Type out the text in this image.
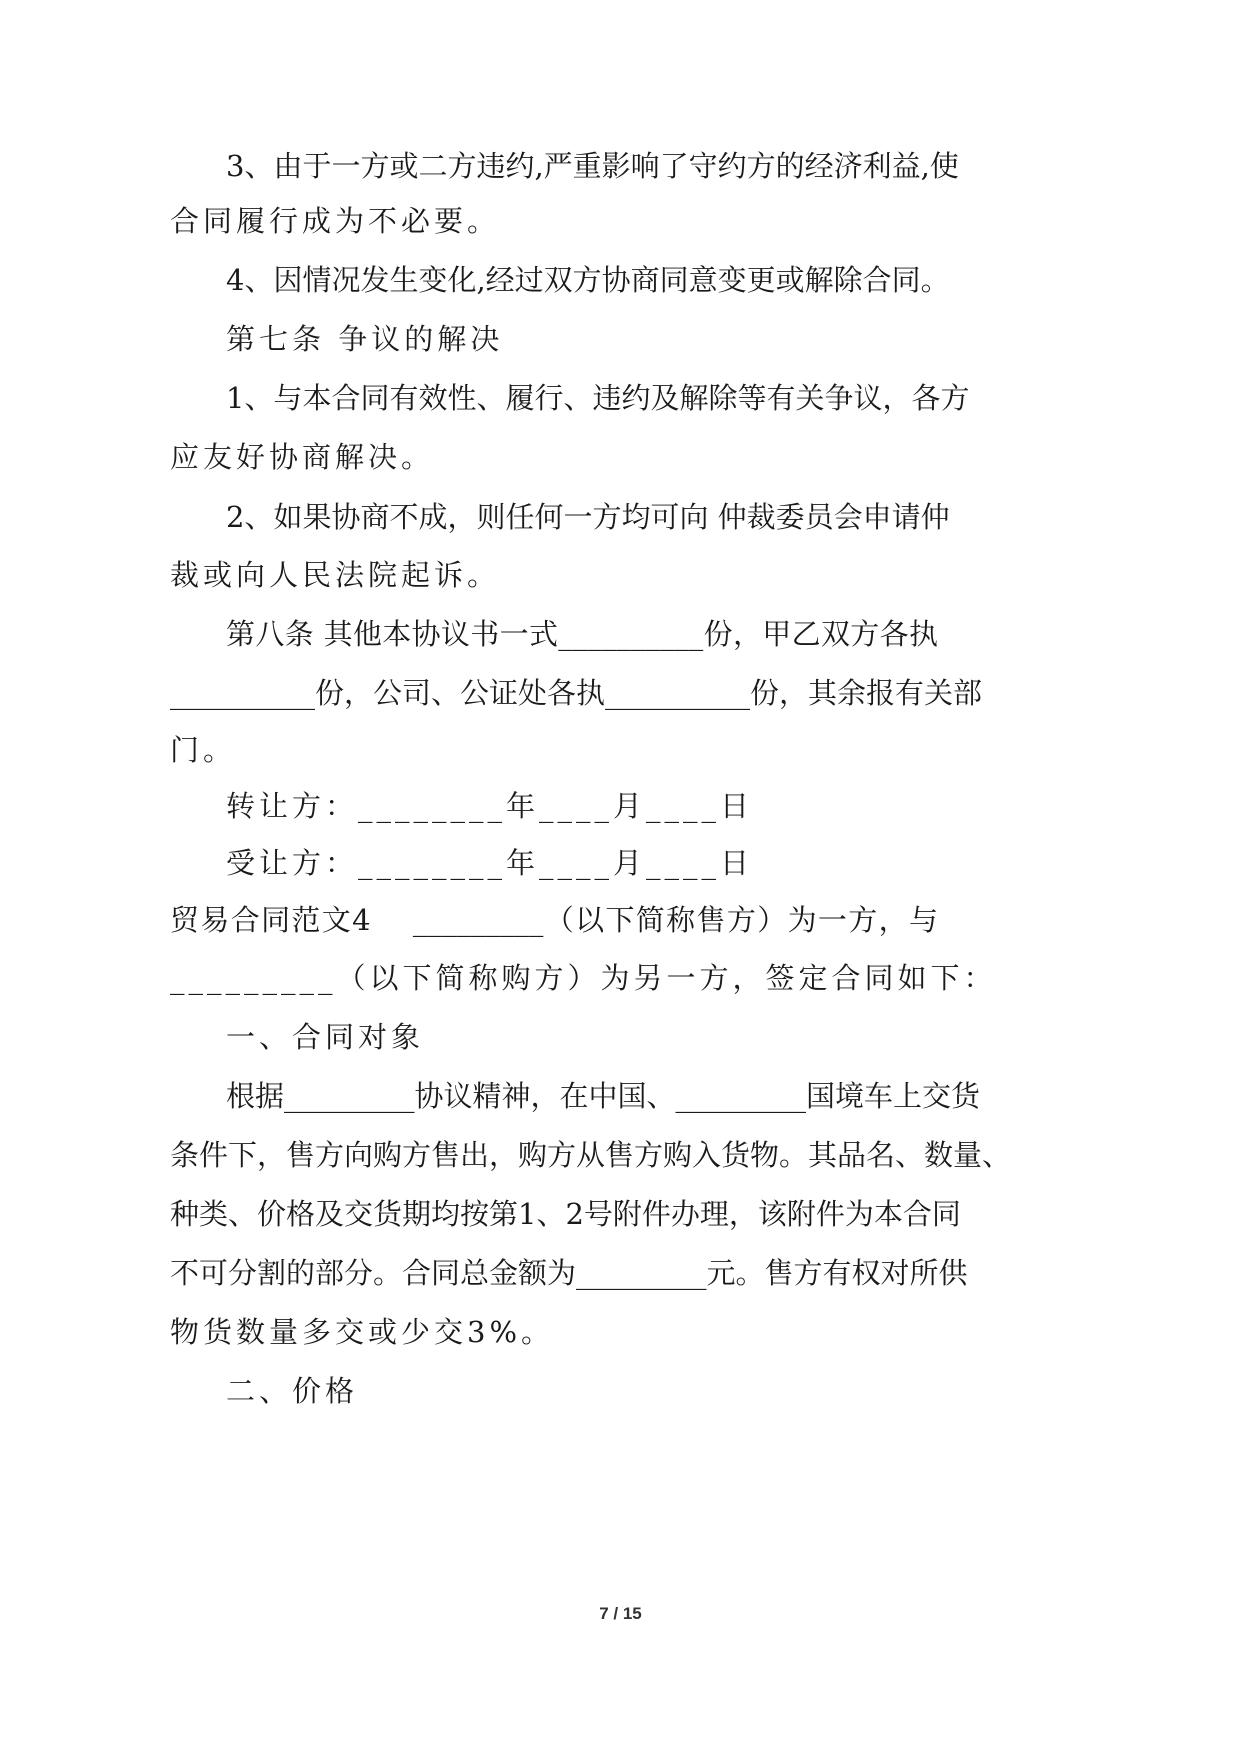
3、由于一方或二方违约,严重影响了守约方的经济利益,使
合同履行成为不必要。
4、因情况发生变化,经过双方协商同意变更或解除合同。
第七条 争议的解决
1、与本合同有效性、履行、违约及解除等有关争议，各方
应友好协商解决。
2、如果协商不成，则任何一方均可向 仲裁委员会申请仲
裁或向人民法院起诉。
第八条 其他本协议书一式__________份，甲乙双方各执
__________份，公司、公证处各执__________份，其余报有关部
门。
转让方：________年____月____日
受让方：________年____月____日
贸易合同范文4    _________（以下简称售方）为一方，与
_________（以下简称购方）为另一方，签定合同如下：
一、合同对象
根据_________协议精神，在中国、_________国境车上交货
条件下，售方向购方售出，购方从售方购入货物。其品名、数量、
种类、价格及交货期均按第1、2号附件办理，该附件为本合同
不可分割的部分。合同总金额为_________元。售方有权对所供
物货数量多交或少交3%。
二、价格
7 / 15
